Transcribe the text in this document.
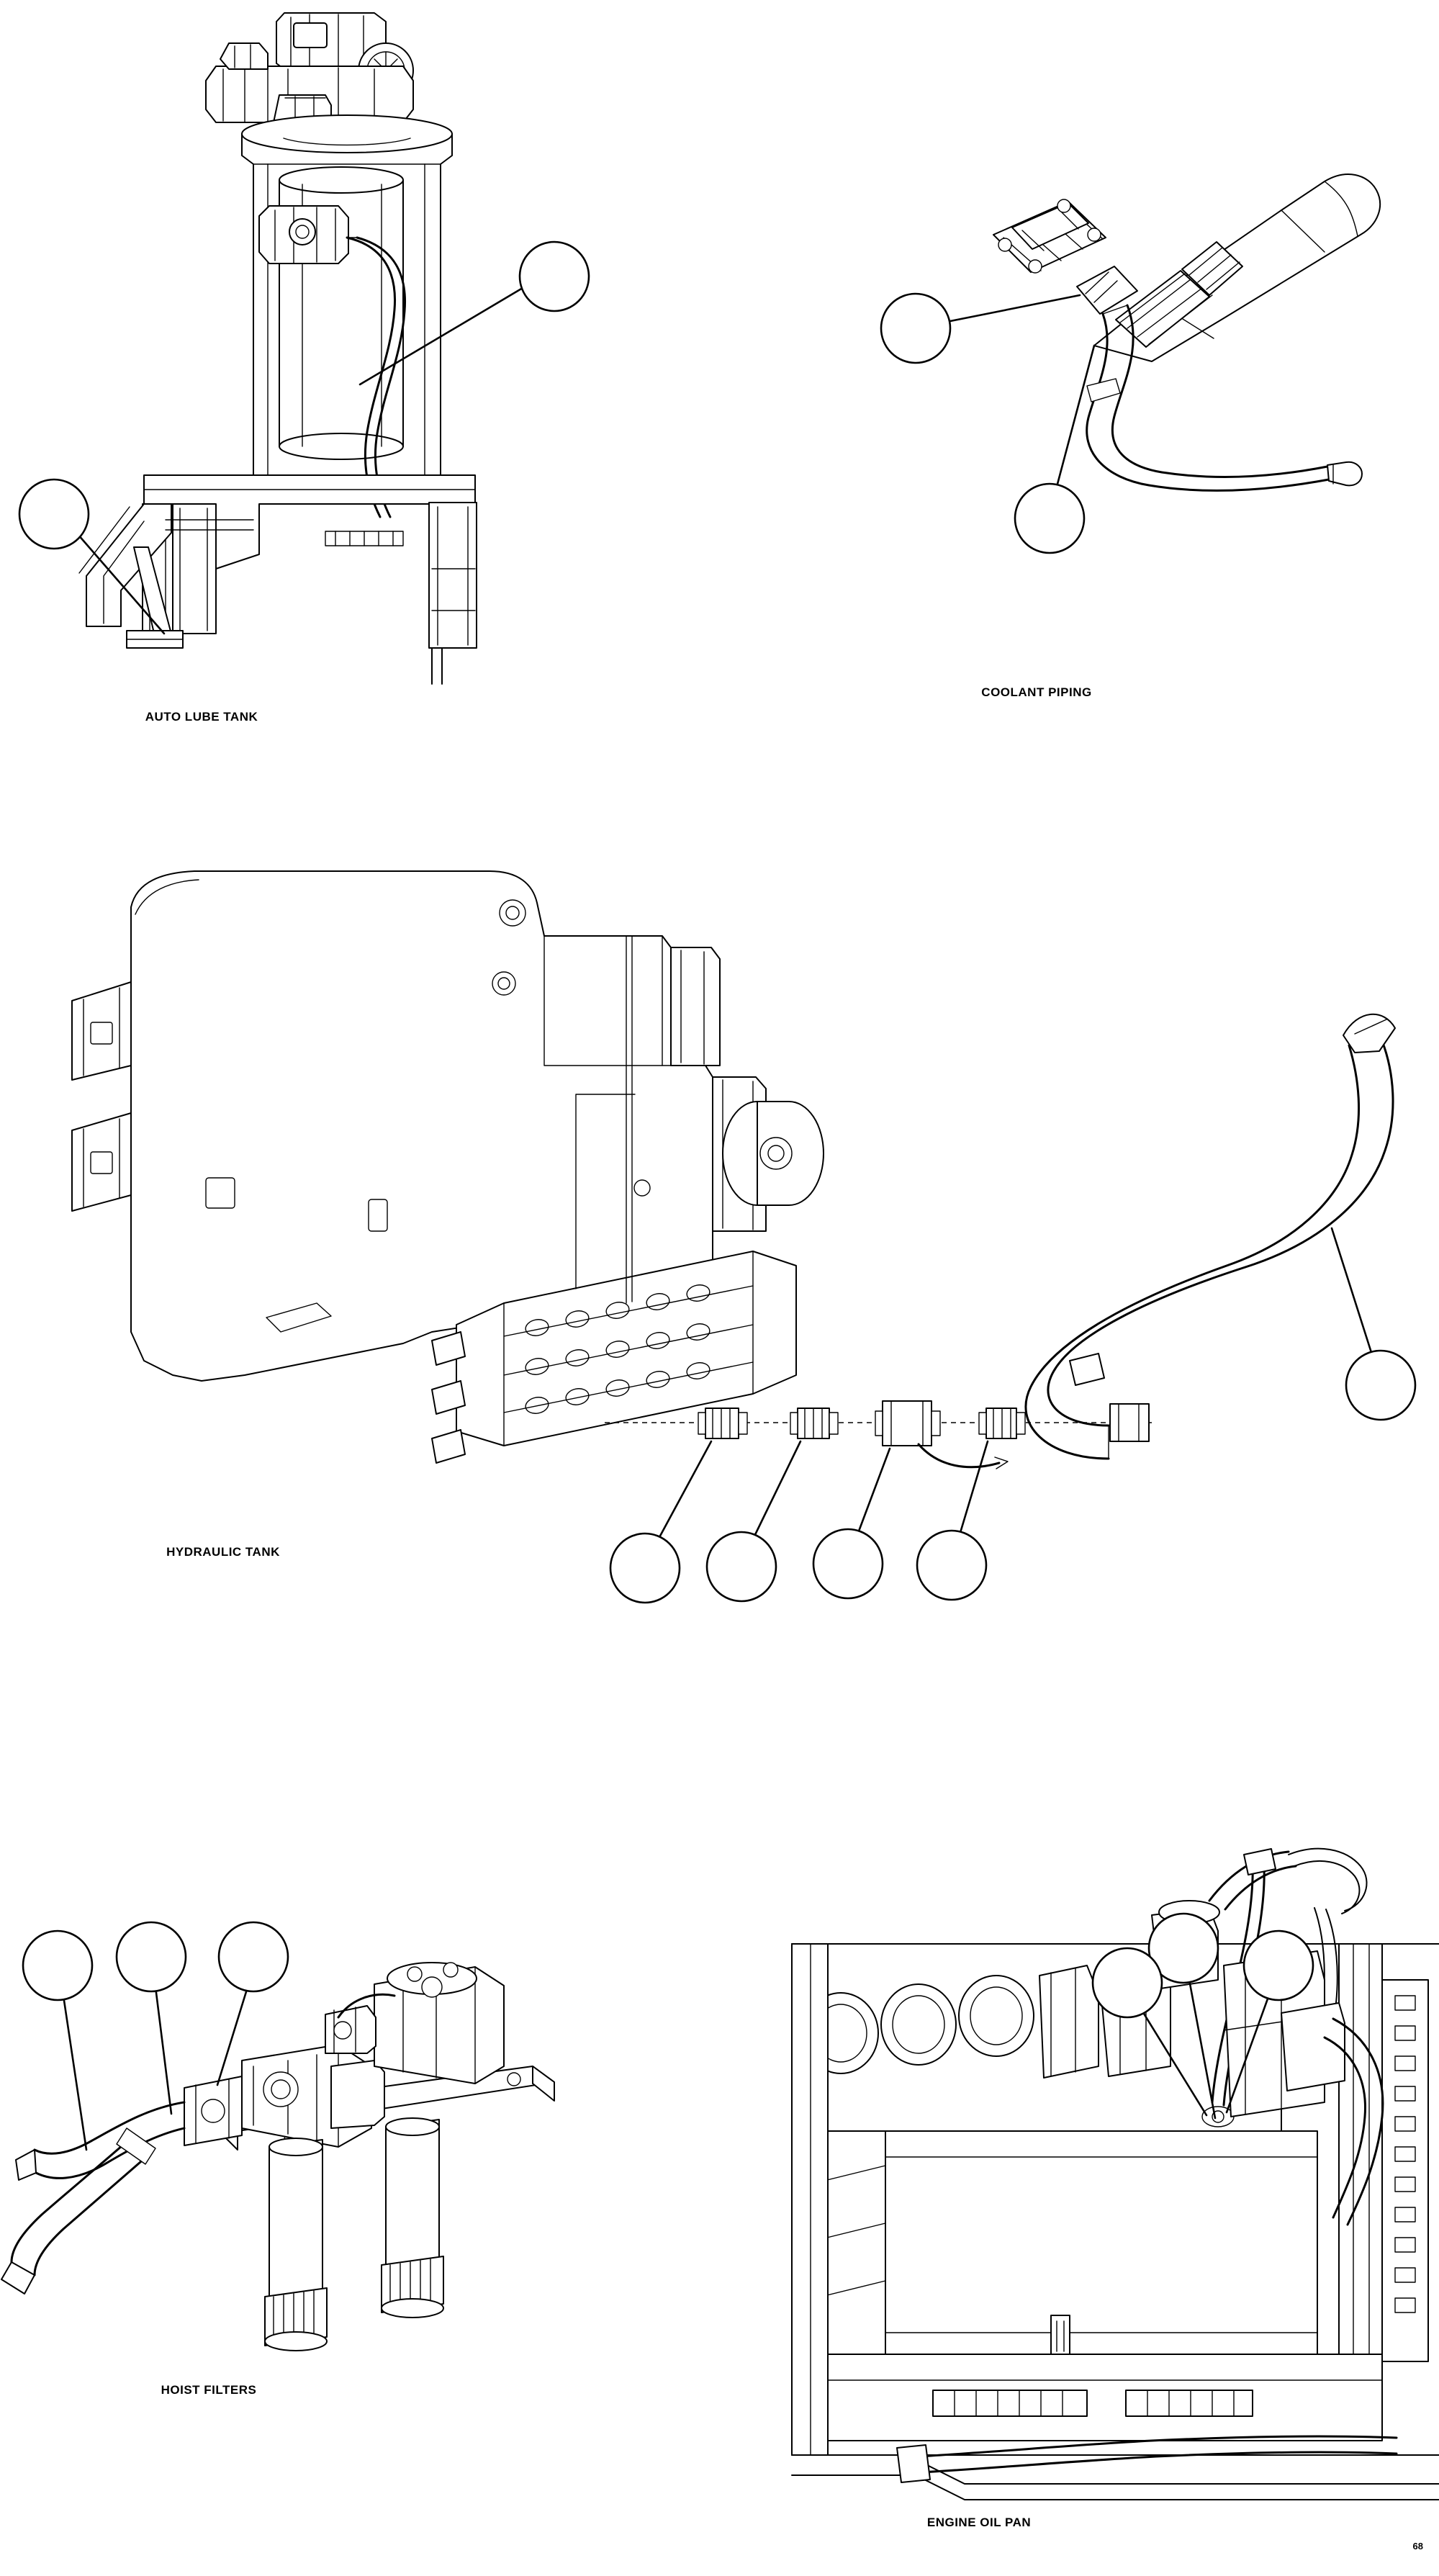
AUTO LUBE TANK
COOLANT PIPING
HYDRAULIC TANK
HOIST FILTERS
ENGINE OIL PAN
68
